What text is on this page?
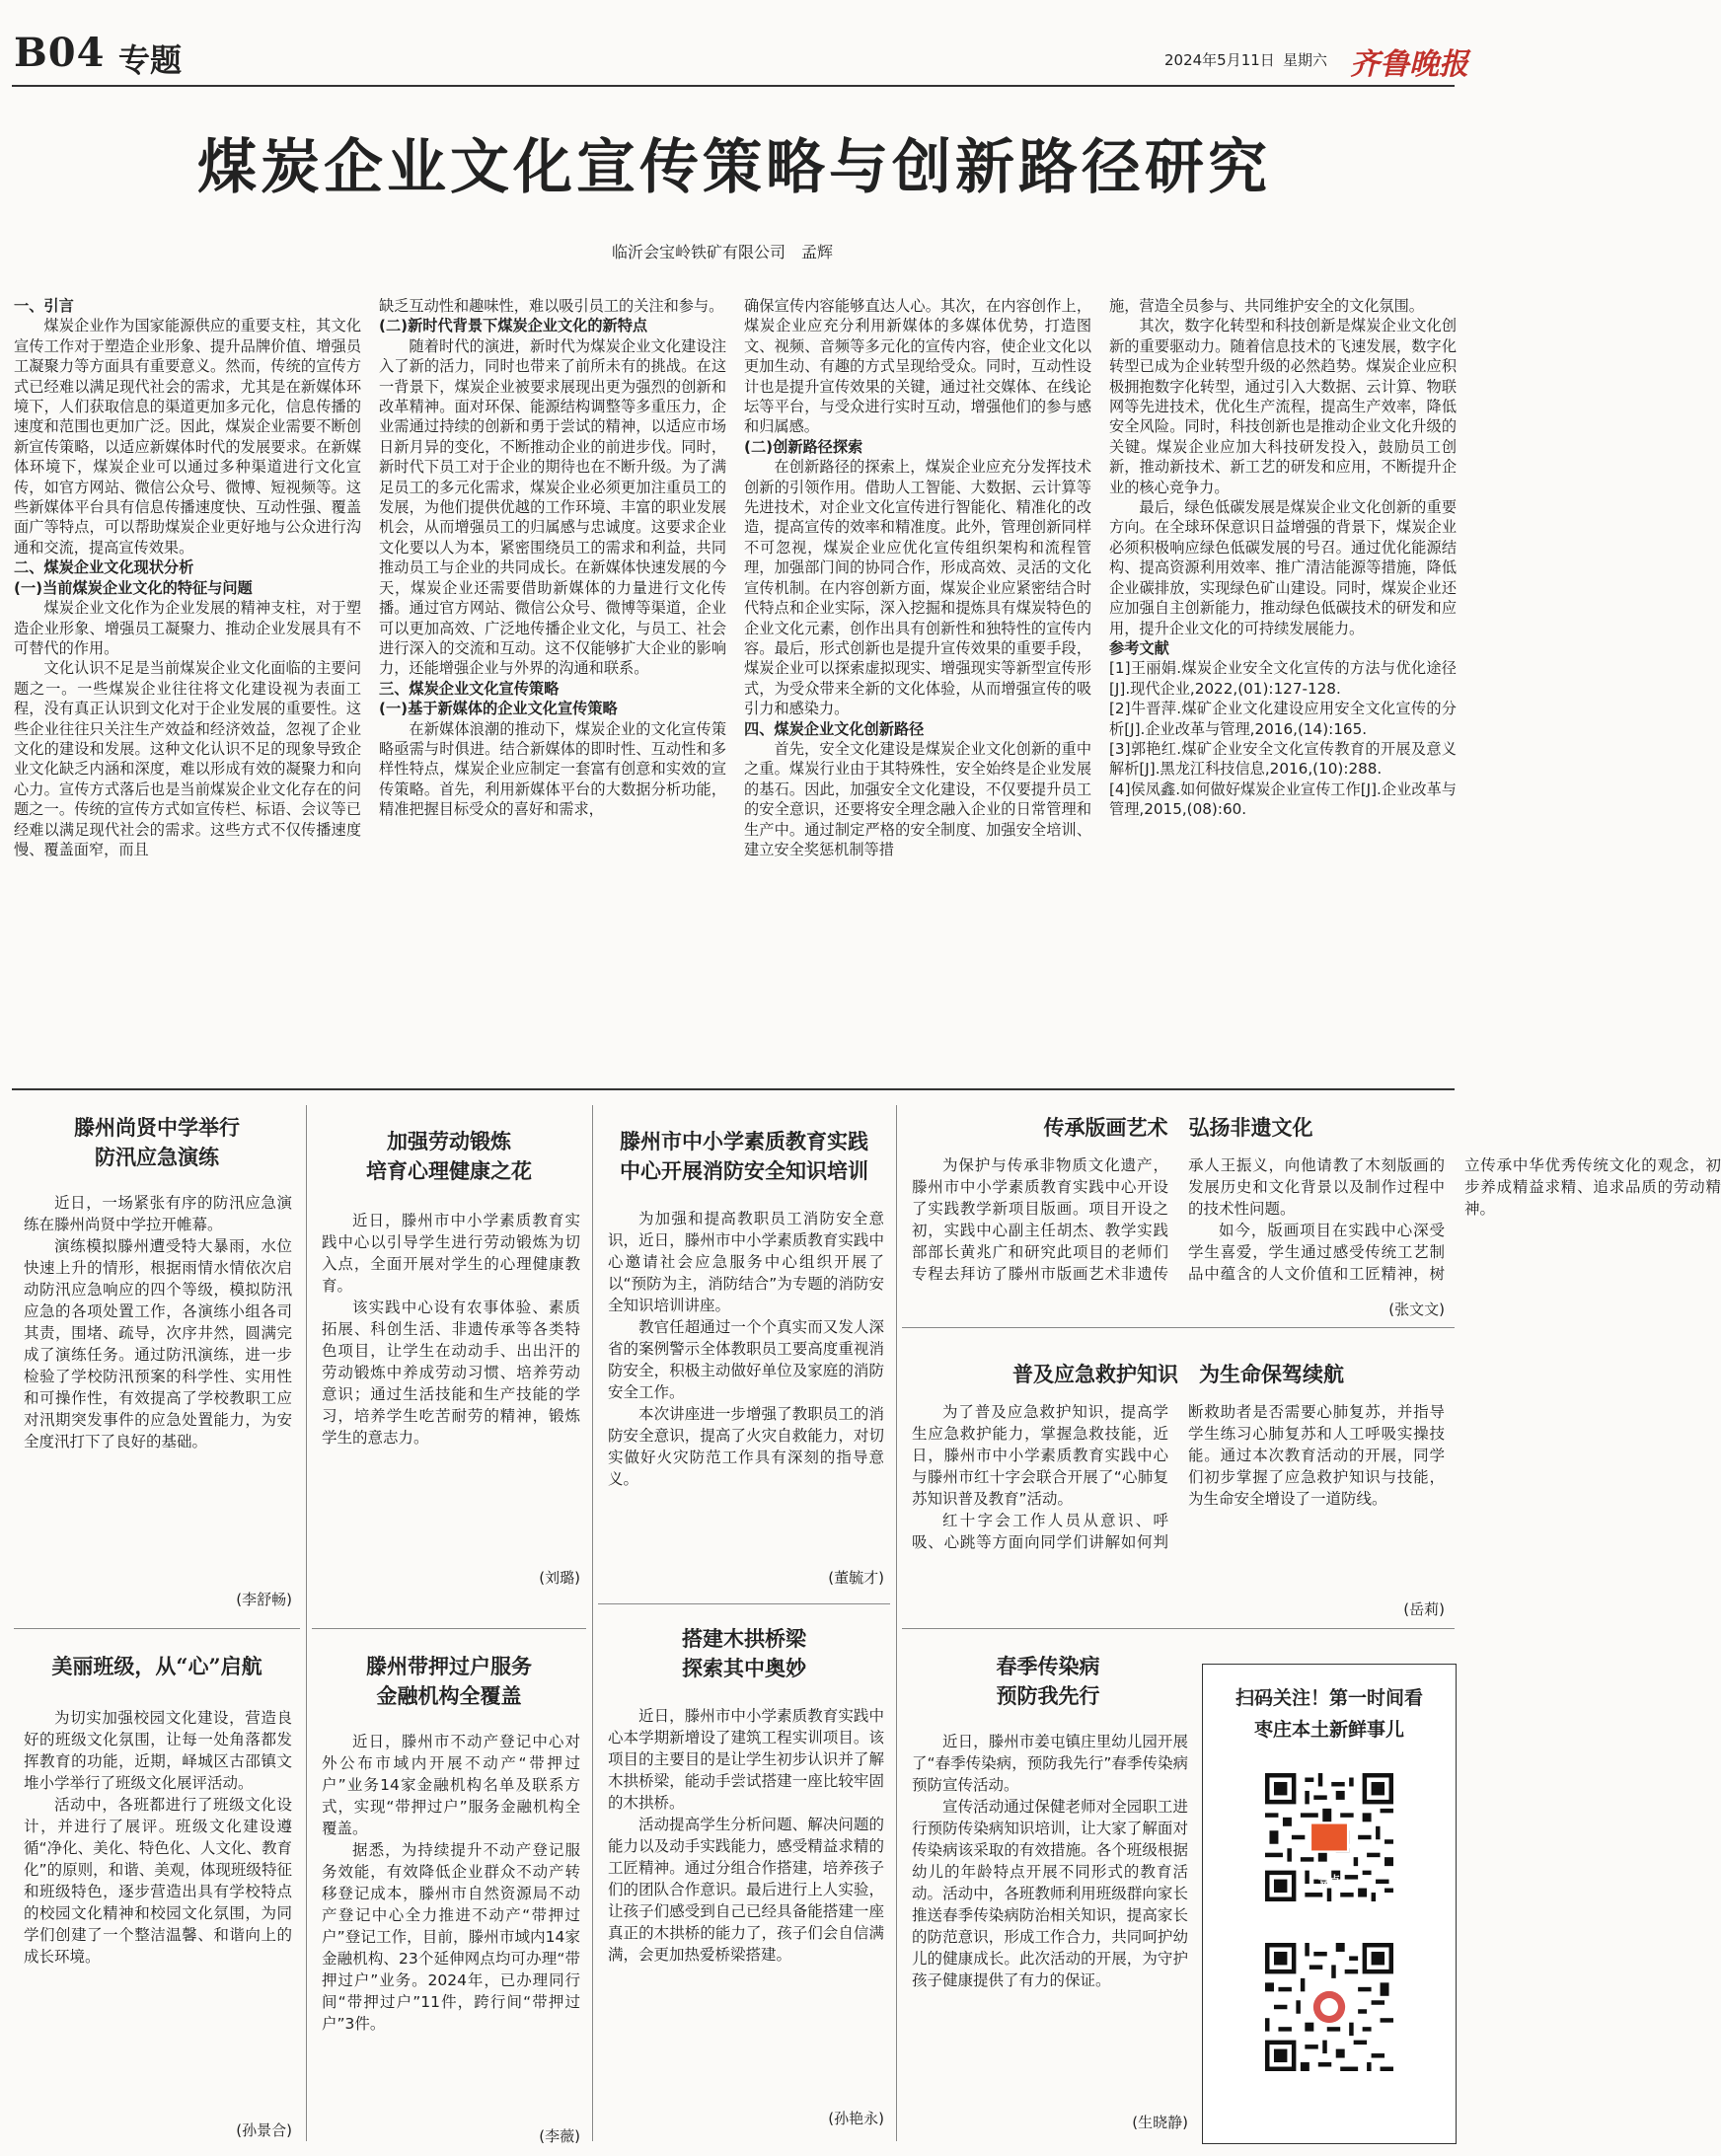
B04 专题	2024年5月11日 星期六 齐鲁晚报
煤炭企业文化宣传策略与创新路径研究
临沂会宝岭铁矿有限公司　孟辉

一、引言

煤炭企业作为国家能源供应的重要支柱，其文化宣传工作对于塑造企业形象、提升品牌价值、增强员工凝聚力等方面具有重要意义。然而，传统的宣传方式已经难以满足现代社会的需求，尤其是在新媒体环境下，人们获取信息的渠道更加多元化，信息传播的速度和范围也更加广泛。因此，煤炭企业需要不断创新宣传策略，以适应新媒体时代的发展要求。在新媒体环境下，煤炭企业可以通过多种渠道进行文化宣传，如官方网站、微信公众号、微博、短视频等。这些新媒体平台具有信息传播速度快、互动性强、覆盖面广等特点，可以帮助煤炭企业更好地与公众进行沟通和交流，提高宣传效果。

二、煤炭企业文化现状分析

(一)当前煤炭企业文化的特征与问题

煤炭企业文化作为企业发展的精神支柱，对于塑造企业形象、增强员工凝聚力、推动企业发展具有不可替代的作用。

文化认识不足是当前煤炭企业文化面临的主要问题之一。一些煤炭企业往往将文化建设视为表面工程，没有真正认识到文化对于企业发展的重要性。这些企业往往只关注生产效益和经济效益，忽视了企业文化的建设和发展。这种文化认识不足的现象导致企业文化缺乏内涵和深度，难以形成有效的凝聚力和向心力。宣传方式落后也是当前煤炭企业文化存在的问题之一。传统的宣传方式如宣传栏、标语、会议等已经难以满足现代社会的需求。这些方式不仅传播速度慢、覆盖面窄，而且

缺乏互动性和趣味性，难以吸引员工的关注和参与。

(二)新时代背景下煤炭企业文化的新特点

随着时代的演进，新时代为煤炭企业文化建设注入了新的活力，同时也带来了前所未有的挑战。在这一背景下，煤炭企业被要求展现出更为强烈的创新和改革精神。面对环保、能源结构调整等多重压力，企业需通过持续的创新和勇于尝试的精神，以适应市场日新月异的变化，不断推动企业的前进步伐。同时，新时代下员工对于企业的期待也在不断升级。为了满足员工的多元化需求，煤炭企业必须更加注重员工的发展，为他们提供优越的工作环境、丰富的职业发展机会，从而增强员工的归属感与忠诚度。这要求企业文化要以人为本，紧密围绕员工的需求和利益，共同推动员工与企业的共同成长。在新媒体快速发展的今天，煤炭企业还需要借助新媒体的力量进行文化传播。通过官方网站、微信公众号、微博等渠道，企业可以更加高效、广泛地传播企业文化，与员工、社会进行深入的交流和互动。这不仅能够扩大企业的影响力，还能增强企业与外界的沟通和联系。

三、煤炭企业文化宣传策略

(一)基于新媒体的企业文化宣传策略

在新媒体浪潮的推动下，煤炭企业的文化宣传策略亟需与时俱进。结合新媒体的即时性、互动性和多样性特点，煤炭企业应制定一套富有创意和实效的宣传策略。首先，利用新媒体平台的大数据分析功能，精准把握目标受众的喜好和需求，

确保宣传内容能够直达人心。其次，在内容创作上，煤炭企业应充分利用新媒体的多媒体优势，打造图文、视频、音频等多元化的宣传内容，使企业文化以更加生动、有趣的方式呈现给受众。同时，互动性设计也是提升宣传效果的关键，通过社交媒体、在线论坛等平台，与受众进行实时互动，增强他们的参与感和归属感。

(二)创新路径探索

在创新路径的探索上，煤炭企业应充分发挥技术创新的引领作用。借助人工智能、大数据、云计算等先进技术，对企业文化宣传进行智能化、精准化的改造，提高宣传的效率和精准度。此外，管理创新同样不可忽视，煤炭企业应优化宣传组织架构和流程管理，加强部门间的协同合作，形成高效、灵活的文化宣传机制。在内容创新方面，煤炭企业应紧密结合时代特点和企业实际，深入挖掘和提炼具有煤炭特色的企业文化元素，创作出具有创新性和独特性的宣传内容。最后，形式创新也是提升宣传效果的重要手段，煤炭企业可以探索虚拟现实、增强现实等新型宣传形式，为受众带来全新的文化体验，从而增强宣传的吸引力和感染力。

四、煤炭企业文化创新路径

首先，安全文化建设是煤炭企业文化创新的重中之重。煤炭行业由于其特殊性，安全始终是企业发展的基石。因此，加强安全文化建设，不仅要提升员工的安全意识，还要将安全理念融入企业的日常管理和生产中。通过制定严格的安全制度、加强安全培训、建立安全奖惩机制等措

施，营造全员参与、共同维护安全的文化氛围。

其次，数字化转型和科技创新是煤炭企业文化创新的重要驱动力。随着信息技术的飞速发展，数字化转型已成为企业转型升级的必然趋势。煤炭企业应积极拥抱数字化转型，通过引入大数据、云计算、物联网等先进技术，优化生产流程，提高生产效率，降低安全风险。同时，科技创新也是推动企业文化升级的关键。煤炭企业应加大科技研发投入，鼓励员工创新，推动新技术、新工艺的研发和应用，不断提升企业的核心竞争力。

最后，绿色低碳发展是煤炭企业文化创新的重要方向。在全球环保意识日益增强的背景下，煤炭企业必须积极响应绿色低碳发展的号召。通过优化能源结构、提高资源利用效率、推广清洁能源等措施，降低企业碳排放，实现绿色矿山建设。同时，煤炭企业还应加强自主创新能力，推动绿色低碳技术的研发和应用，提升企业文化的可持续发展能力。

参考文献

[1]王丽娟.煤炭企业安全文化宣传的方法与优化途径[J].现代企业,2022,(01):127-128.

[2]牛晋萍.煤矿企业文化建设应用安全文化宣传的分析[J].企业改革与管理,2016,(14):165.

[3]郭艳红.煤矿企业安全文化宣传教育的开展及意义解析[J].黑龙江科技信息,2016,(10):288.

[4]侯凤鑫.如何做好煤炭企业宣传工作[J].企业改革与管理,2015,(08):60.

滕州尚贤中学举行
防汛应急演练

近日，一场紧张有序的防汛应急演练在滕州尚贤中学拉开帷幕。

演练模拟滕州遭受特大暴雨，水位快速上升的情形，根据雨情水情依次启动防汛应急响应的四个等级，模拟防汛应急的各项处置工作，各演练小组各司其责，围堵、疏导，次序井然，圆满完成了演练任务。通过防汛演练，进一步检验了学校防汛预案的科学性、实用性和可操作性，有效提高了学校教职工应对汛期突发事件的应急处置能力，为安全度汛打下了良好的基础。

(李舒畅)
加强劳动锻炼
培育心理健康之花

近日，滕州市中小学素质教育实践中心以引导学生进行劳动锻炼为切入点，全面开展对学生的心理健康教育。

该实践中心设有农事体验、素质拓展、科创生活、非遗传承等各类特色项目，让学生在动动手、出出汗的劳动锻炼中养成劳动习惯、培养劳动意识；通过生活技能和生产技能的学习，培养学生吃苦耐劳的精神，锻炼学生的意志力。

(刘璐)
滕州市中小学素质教育实践
中心开展消防安全知识培训

为加强和提高教职员工消防安全意识，近日，滕州市中小学素质教育实践中心邀请社会应急服务中心组织开展了以“预防为主，消防结合”为专题的消防安全知识培训讲座。

教官任超通过一个个真实而又发人深省的案例警示全体教职员工要高度重视消防安全，积极主动做好单位及家庭的消防安全工作。

本次讲座进一步增强了教职员工的消防安全意识，提高了火灾自救能力，对切实做好火灾防范工作具有深刻的指导意义。

(董毓才)
传承版画艺术　弘扬非遗文化

为保护与传承非物质文化遗产，滕州市中小学素质教育实践中心开设了实践教学新项目版画。项目开设之初，实践中心副主任胡杰、教学实践部部长黄兆广和研究此项目的老师们专程去拜访了滕州市版画艺术非遗传承人王振义，向他请教了木刻版画的发展历史和文化背景以及制作过程中的技术性问题。

如今，版画项目在实践中心深受学生喜爱，学生通过感受传统工艺制品中蕴含的人文价值和工匠精神，树立传承中华优秀传统文化的观念，初步养成精益求精、追求品质的劳动精神。

(张文文)
普及应急救护知识　为生命保驾续航

为了普及应急救护知识，提高学生应急救护能力，掌握急救技能，近日，滕州市中小学素质教育实践中心与滕州市红十字会联合开展了“心肺复苏知识普及教育”活动。

红十字会工作人员从意识、呼吸、心跳等方面向同学们讲解如何判断救助者是否需要心肺复苏，并指导学生练习心肺复苏和人工呼吸实操技能。通过本次教育活动的开展，同学们初步掌握了应急救护知识与技能，为生命安全增设了一道防线。

(岳莉)
美丽班级，从“心”启航

为切实加强校园文化建设，营造良好的班级文化氛围，让每一处角落都发挥教育的功能，近期，峄城区古邵镇文堆小学举行了班级文化展评活动。

活动中，各班都进行了班级文化设计，并进行了展评。班级文化建设遵循“净化、美化、特色化、人文化、教育化”的原则，和谐、美观，体现班级特征和班级特色，逐步营造出具有学校特点的校园文化精神和校园文化氛围，为同学们创建了一个整洁温馨、和谐向上的成长环境。

(孙景合)
滕州带押过户服务
金融机构全覆盖

近日，滕州市不动产登记中心对外公布市域内开展不动产“带押过户”业务14家金融机构名单及联系方式，实现“带押过户”服务金融机构全覆盖。

据悉，为持续提升不动产登记服务效能，有效降低企业群众不动产转移登记成本，滕州市自然资源局不动产登记中心全力推进不动产“带押过户”登记工作，目前，滕州市域内14家金融机构、23个延伸网点均可办理“带押过户”业务。2024年，已办理同行间“带押过户”11件，跨行间“带押过户”3件。

(李薇)
搭建木拱桥梁
探索其中奥妙

近日，滕州市中小学素质教育实践中心本学期新增设了建筑工程实训项目。该项目的主要目的是让学生初步认识并了解木拱桥梁，能动手尝试搭建一座比较牢固的木拱桥。

活动提高学生分析问题、解决问题的能力以及动手实践能力，感受精益求精的工匠精神。通过分组合作搭建，培养孩子们的团队合作意识。最后进行上人实验，让孩子们感受到自己已经具备能搭建一座真正的木拱桥的能力了，孩子们会自信满满，会更加热爱桥梁搭建。

(孙艳永)
春季传染病
预防我先行

近日，滕州市姜屯镇庄里幼儿园开展了“春季传染病，预防我先行”春季传染病预防宣传活动。

宣传活动通过保健老师对全园职工进行预防传染病知识培训，让大家了解面对传染病该采取的有效措施。各个班级根据幼儿的年龄特点开展不同形式的教育活动。活动中，各班教师利用班级群向家长推送春季传染病防治相关知识，提高家长的防范意识，形成工作合力，共同呵护幼儿的健康成长。此次活动的开展，为守护孩子健康提供了有力的保证。

(生晓静)
扫码关注！第一时间看
枣庄本土新鲜事儿
壹点
